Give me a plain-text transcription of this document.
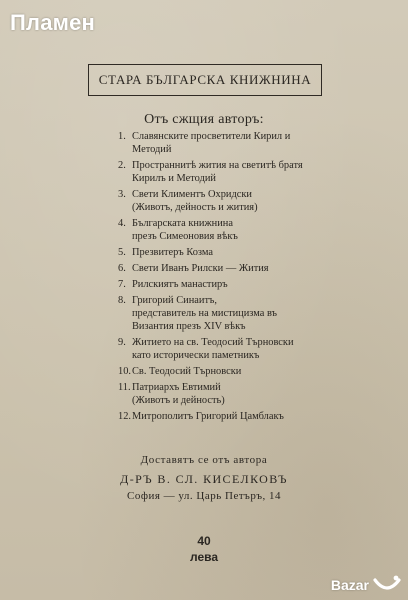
Пламен
СТАРА БЪЛГАРСКА КНИЖНИНА
Отъ сжщия авторъ:
1. Славянските просветители Кирил и
Методий
2. Пространнитѣ жития на светитѣ братя
Кирилъ и Методий
3. Свети Климентъ Охридски
(Животъ, дейность и жития)
4. Българската книжнина
презъ Симеоновия вѣкъ
5. Презвитеръ Козма
6. Свети Иванъ Рилски — Жития
7. Рилскиятъ манастиръ
8. Григорий Синаитъ,
представитель на мистицизма въ
Византия презъ XIV вѣкъ
9. Житието на св. Теодосий Търновски
като исторически паметникъ
10. Св. Теодосий Търновски
11. Патриархъ Евтимий
(Животъ и дейность)
12. Митрополитъ Григорий Цамблакъ
Доставятъ се отъ автора
Д-РЪ В. СЛ. КИСЕЛКОВЪ
София — ул. Царь Петъръ, 14
40
лева
Bazar
